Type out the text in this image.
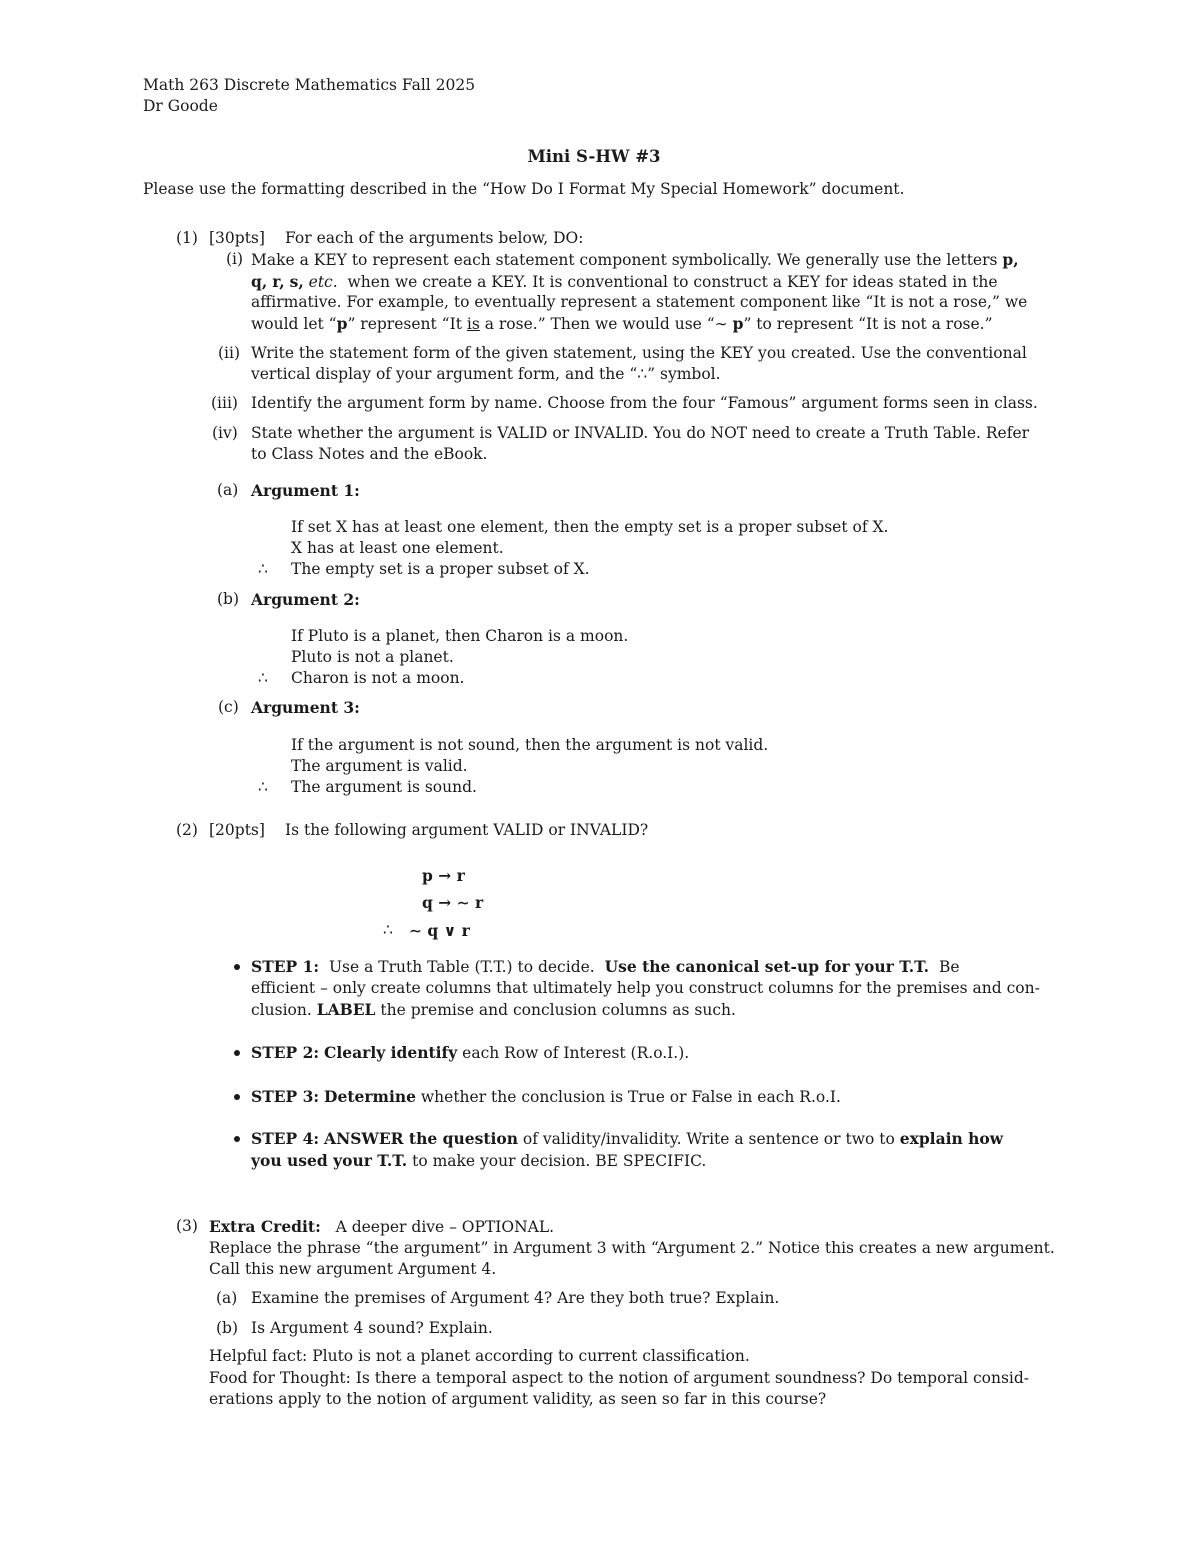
Math 263 Discrete Mathematics Fall 2025
Dr Goode
Mini S-HW #3
Please use the formatting described in the “How Do I Format My Special Homework” document.
(1) [30pts] For each of the arguments below, DO:
(i) Make a KEY to represent each statement component symbolically. We generally use the letters p,
q, r, s, etc. when we create a KEY. It is conventional to construct a KEY for ideas stated in the
affirmative. For example, to eventually represent a statement component like “It is not a rose,” we
would let “p” represent “It is a rose.” Then we would use “∼ p” to represent “It is not a rose.”
(ii) Write the statement form of the given statement, using the KEY you created. Use the conventional
vertical display of your argument form, and the “∴” symbol.
(iii) Identify the argument form by name. Choose from the four “Famous” argument forms seen in class.
(iv) State whether the argument is VALID or INVALID. You do NOT need to create a Truth Table. Refer
to Class Notes and the eBook.
(a) Argument 1:
If set X has at least one element, then the empty set is a proper subset of X.
X has at least one element.
∴ The empty set is a proper subset of X.
(b) Argument 2:
If Pluto is a planet, then Charon is a moon.
Pluto is not a planet.
∴ Charon is not a moon.
(c) Argument 3:
If the argument is not sound, then the argument is not valid.
The argument is valid.
∴ The argument is sound.
(2) [20pts] Is the following argument VALID or INVALID?
p → r
q → ∼ r
∴ ∼ q ∨ r
STEP 1: Use a Truth Table (T.T.) to decide. Use the canonical set-up for your T.T. Be
efficient – only create columns that ultimately help you construct columns for the premises and con-
clusion. LABEL the premise and conclusion columns as such.
STEP 2: Clearly identify each Row of Interest (R.o.I.).
STEP 3: Determine whether the conclusion is True or False in each R.o.I.
STEP 4: ANSWER the question of validity/invalidity. Write a sentence or two to explain how
you used your T.T. to make your decision. BE SPECIFIC.
(3) Extra Credit: A deeper dive – OPTIONAL.
Replace the phrase “the argument” in Argument 3 with “Argument 2.” Notice this creates a new argument.
Call this new argument Argument 4.
(a) Examine the premises of Argument 4? Are they both true? Explain.
(b) Is Argument 4 sound? Explain.
Helpful fact: Pluto is not a planet according to current classification.
Food for Thought: Is there a temporal aspect to the notion of argument soundness? Do temporal consid-
erations apply to the notion of argument validity, as seen so far in this course?
